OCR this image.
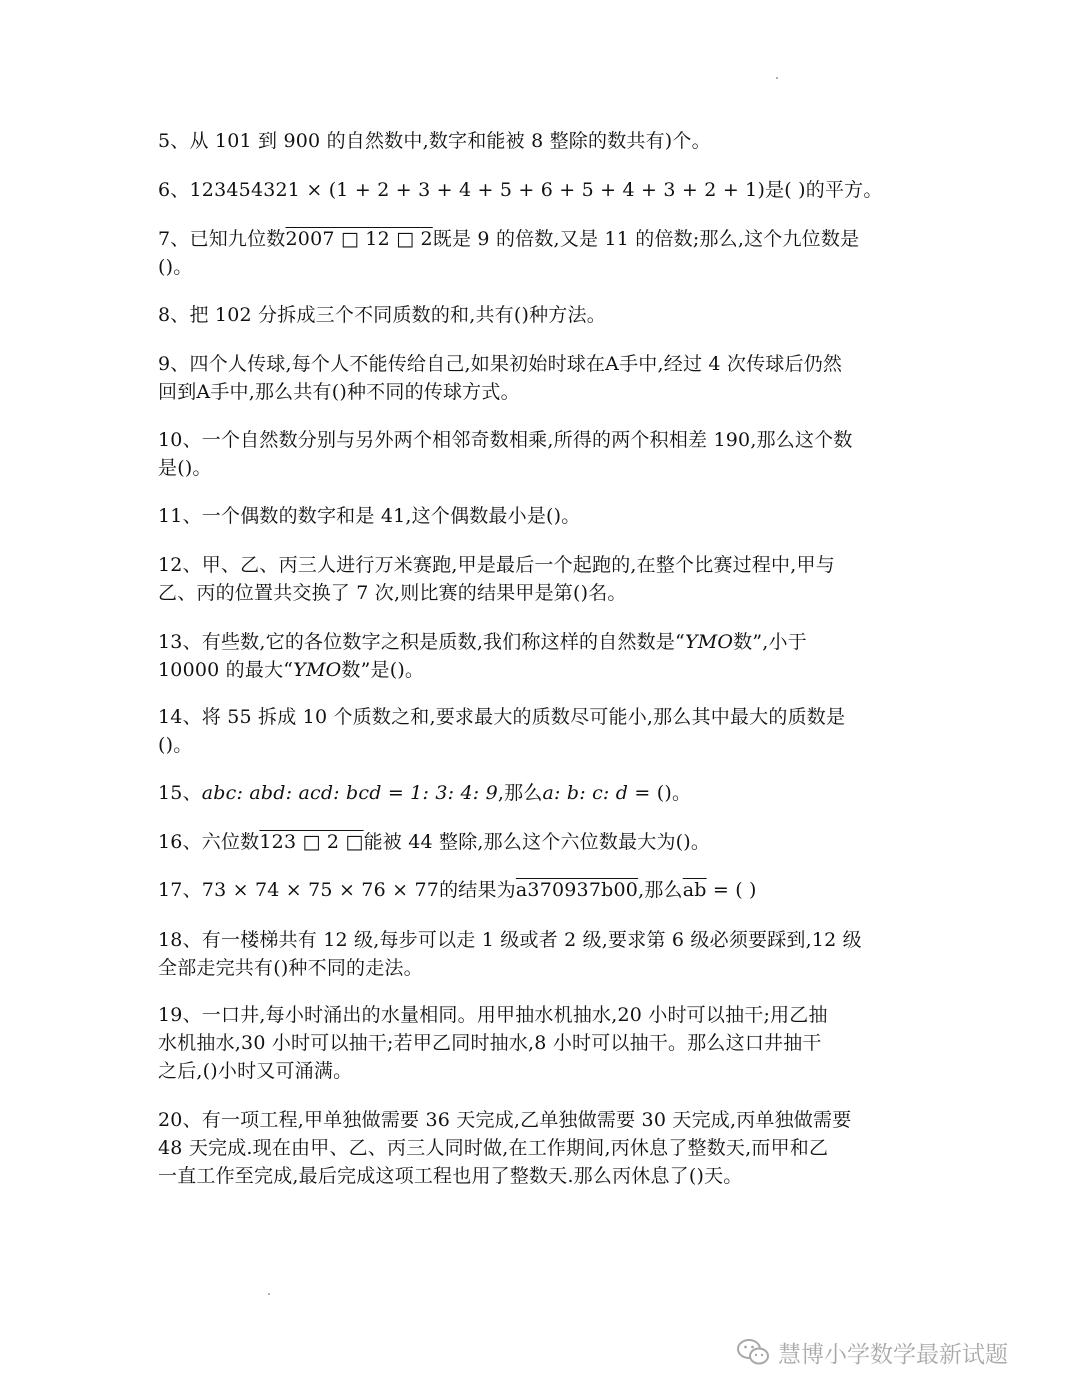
5、从 101 到 900 的自然数中,数字和能被 8 整除的数共有)个。
6、123454321 × (1 + 2 + 3 + 4 + 5 + 6 + 5 + 4 + 3 + 2 + 1)是( )的平方。
7、已知九位数2007 □ 12 □ 2既是 9 的倍数,又是 11 的倍数;那么,这个九位数是
()。
8、把 102 分拆成三个不同质数的和,共有()种方法。
9、四个人传球,每个人不能传给自己,如果初始时球在A手中,经过 4 次传球后仍然
回到A手中,那么共有()种不同的传球方式。
10、一个自然数分别与另外两个相邻奇数相乘,所得的两个积相差 190,那么这个数
是()。
11、一个偶数的数字和是 41,这个偶数最小是()。
12、甲、乙、丙三人进行万米赛跑,甲是最后一个起跑的,在整个比赛过程中,甲与
乙、丙的位置共交换了 7 次,则比赛的结果甲是第()名。
13、有些数,它的各位数字之积是质数,我们称这样的自然数是“YMO数”,小于
10000 的最大“YMO数”是()。
14、将 55 拆成 10 个质数之和,要求最大的质数尽可能小,那么其中最大的质数是
()。
15、abc: abd: acd: bcd = 1: 3: 4: 9,那么a: b: c: d = ()。
16、六位数123 □ 2 □能被 44 整除,那么这个六位数最大为()。
17、73 × 74 × 75 × 76 × 77的结果为a370937b00,那么$\overline{ab}$ = ( )
18、有一楼梯共有 12 级,每步可以走 1 级或者 2 级,要求第 6 级必须要踩到,12 级
全部走完共有()种不同的走法。
19、一口井,每小时涌出的水量相同。用甲抽水机抽水,20 小时可以抽干;用乙抽
水机抽水,30 小时可以抽干;若甲乙同时抽水,8 小时可以抽干。那么这口井抽干
之后,()小时又可涌满。
20、有一项工程,甲单独做需要 36 天完成,乙单独做需要 30 天完成,丙单独做需要
48 天完成.现在由甲、乙、丙三人同时做,在工作期间,丙休息了整数天,而甲和乙
一直工作至完成,最后完成这项工程也用了整数天.那么丙休息了()天。
慧博小学数学最新试题
